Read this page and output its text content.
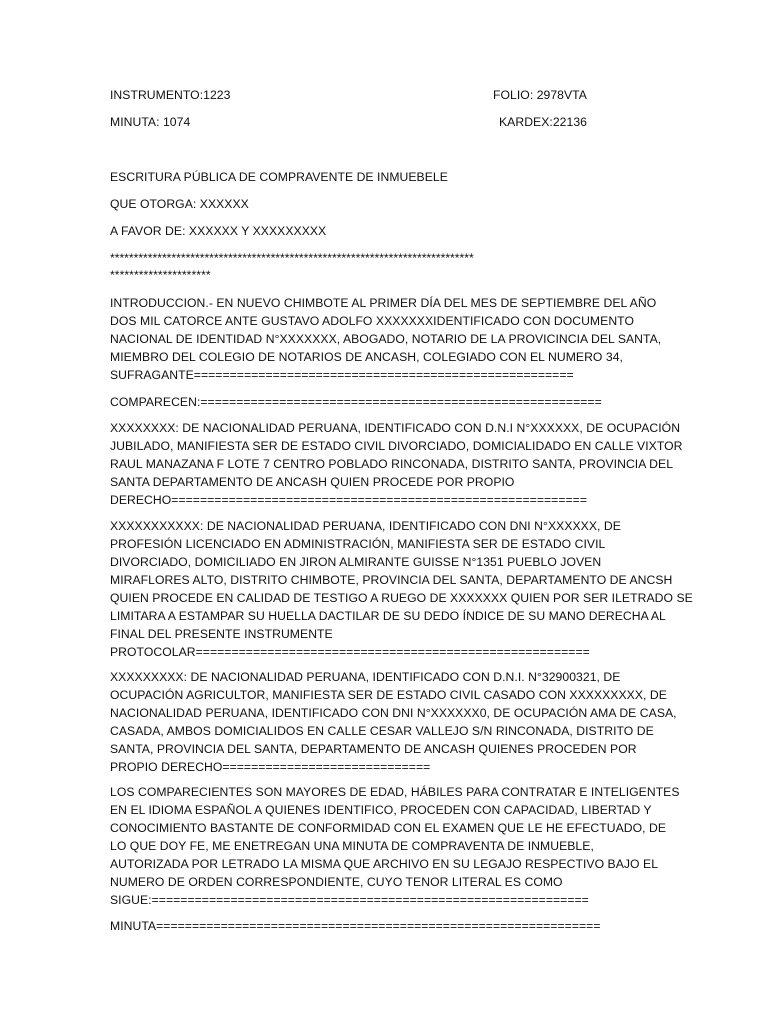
INSTRUMENTO:1223	FOLIO: 2978VTA
MINUTA: 1074	KARDEX:22136
ESCRITURA PÚBLICA DE COMPRAVENTE DE INMUEBELE
QUE OTORGA: XXXXXX
A FAVOR DE: XXXXXX Y XXXXXXXXX
*****************************************************************************
*********************
INTRODUCCION.- EN NUEVO CHIMBOTE AL PRIMER DÍA DEL MES DE SEPTIEMBRE DEL AÑO
DOS MIL CATORCE ANTE GUSTAVO ADOLFO XXXXXXXIDENTIFICADO CON DOCUMENTO
NACIONAL DE IDENTIDAD N°XXXXXXX, ABOGADO, NOTARIO DE LA PROVICINCIA DEL SANTA,
MIEMBRO DEL COLEGIO DE NOTARIOS DE ANCASH, COLEGIADO CON EL NUMERO 34,
SUFRAGANTE=====================================================
COMPARECEN:========================================================
XXXXXXXX: DE NACIONALIDAD PERUANA, IDENTIFICADO CON D.N.I N°XXXXXX, DE OCUPACIÓN
JUBILADO, MANIFIESTA SER DE ESTADO CIVIL DIVORCIADO, DOMICIALIDADO EN CALLE VIXTOR
RAUL MANAZANA F LOTE 7 CENTRO POBLADO RINCONADA, DISTRITO SANTA, PROVINCIA DEL
SANTA DEPARTAMENTO DE ANCASH QUIEN PROCEDE POR PROPIO
DERECHO==========================================================
XXXXXXXXXXX: DE NACIONALIDAD PERUANA, IDENTIFICADO CON DNI N°XXXXXX, DE
PROFESIÓN LICENCIADO EN ADMINISTRACIÓN, MANIFIESTA SER DE ESTADO CIVIL
DIVORCIADO, DOMICILIADO EN JIRON ALMIRANTE GUISSE N°1351 PUEBLO JOVEN
MIRAFLORES ALTO, DISTRITO CHIMBOTE, PROVINCIA DEL SANTA, DEPARTAMENTO DE ANCSH
QUIEN PROCEDE EN CALIDAD DE TESTIGO A RUEGO DE XXXXXXX QUIEN POR SER ILETRADO SE
LIMITARA A ESTAMPAR SU HUELLA DACTILAR DE SU DEDO ÍNDICE DE SU MANO DERECHA AL
FINAL DEL PRESENTE INSTRUMENTE
PROTOCOLAR=======================================================
XXXXXXXXX: DE NACIONALIDAD PERUANA, IDENTIFICADO CON D.N.I. N°32900321, DE
OCUPACIÓN AGRICULTOR, MANIFIESTA SER DE ESTADO CIVIL CASADO CON XXXXXXXXX, DE
NACIONALIDAD PERUANA, IDENTIFICADO CON DNI N°XXXXXX0, DE OCUPACIÓN AMA DE CASA,
CASADA, AMBOS DOMICIALIDOS EN CALLE CESAR VALLEJO S/N RINCONADA, DISTRITO DE
SANTA, PROVINCIA DEL SANTA, DEPARTAMENTO DE ANCASH QUIENES PROCEDEN POR
PROPIO DERECHO=============================
LOS COMPARECIENTES SON MAYORES DE EDAD, HÁBILES PARA CONTRATAR E INTELIGENTES
EN EL IDIOMA ESPAÑOL A QUIENES IDENTIFICO, PROCEDEN CON CAPACIDAD, LIBERTAD Y
CONOCIMIENTO BASTANTE DE CONFORMIDAD CON EL EXAMEN QUE LE HE EFECTUADO, DE
LO QUE DOY FE, ME ENETREGAN UNA MINUTA DE COMPRAVENTA DE INMUEBLE,
AUTORIZADA POR LETRADO LA MISMA QUE ARCHIVO EN SU LEGAJO RESPECTIVO BAJO EL
NUMERO DE ORDEN CORRESPONDIENTE, CUYO TENOR LITERAL ES COMO
SIGUE:=============================================================
MINUTA==============================================================
